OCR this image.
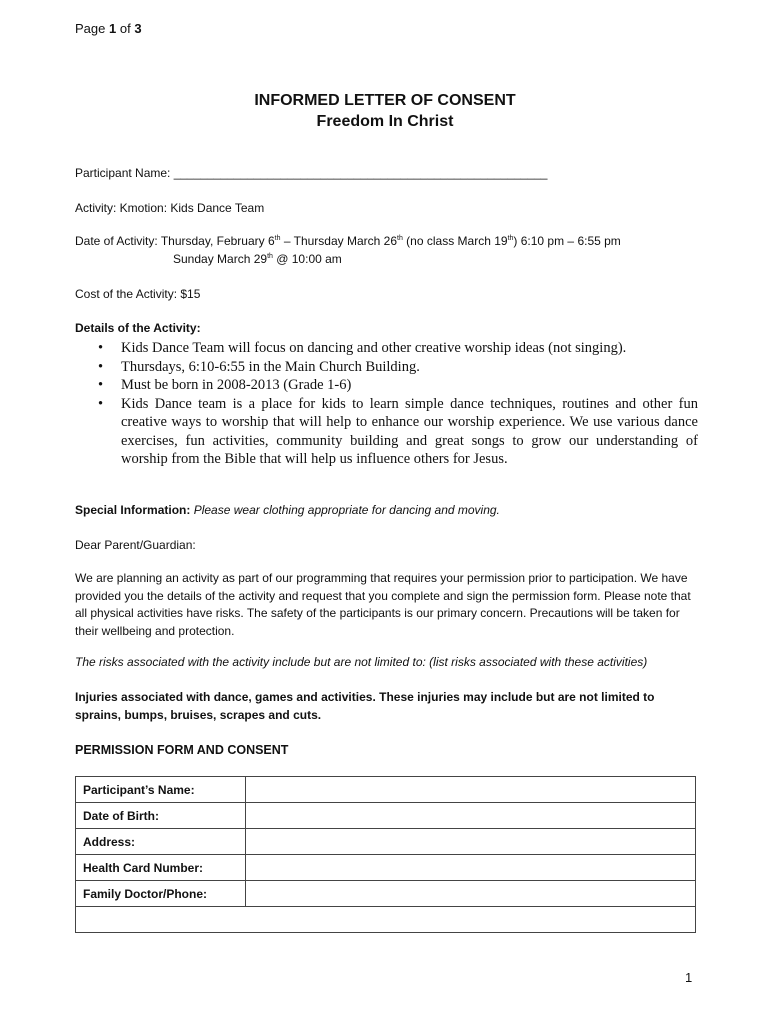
Page 1 of 3
INFORMED LETTER OF CONSENT
Freedom In Christ
Participant Name: ________________________________________________________
Activity: Kmotion: Kids Dance Team
Date of Activity: Thursday, February 6th – Thursday March 26th (no class March 19th) 6:10 pm – 6:55 pm
Sunday March 29th @ 10:00 am
Cost of the Activity: $15
Details of the Activity:
• Kids Dance Team will focus on dancing and other creative worship ideas (not singing).
• Thursdays, 6:10-6:55 in the Main Church Building.
• Must be born in 2008-2013 (Grade 1-6)
• Kids Dance team is a place for kids to learn simple dance techniques, routines and other fun creative ways to worship that will help to enhance our worship experience. We use various dance exercises, fun activities, community building and great songs to grow our understanding of worship from the Bible that will help us influence others for Jesus.
Special Information: Please wear clothing appropriate for dancing and moving.
Dear Parent/Guardian:
We are planning an activity as part of our programming that requires your permission prior to participation. We have provided you the details of the activity and request that you complete and sign the permission form. Please note that all physical activities have risks. The safety of the participants is our primary concern. Precautions will be taken for their wellbeing and protection.
The risks associated with the activity include but are not limited to: (list risks associated with these activities)
Injuries associated with dance, games and activities. These injuries may include but are not limited to sprains, bumps, bruises, scrapes and cuts.
PERMISSION FORM AND CONSENT
Participant’s Name:	
Date of Birth:	
Address:	
Health Card Number:	
Family Doctor/Phone:	

1
